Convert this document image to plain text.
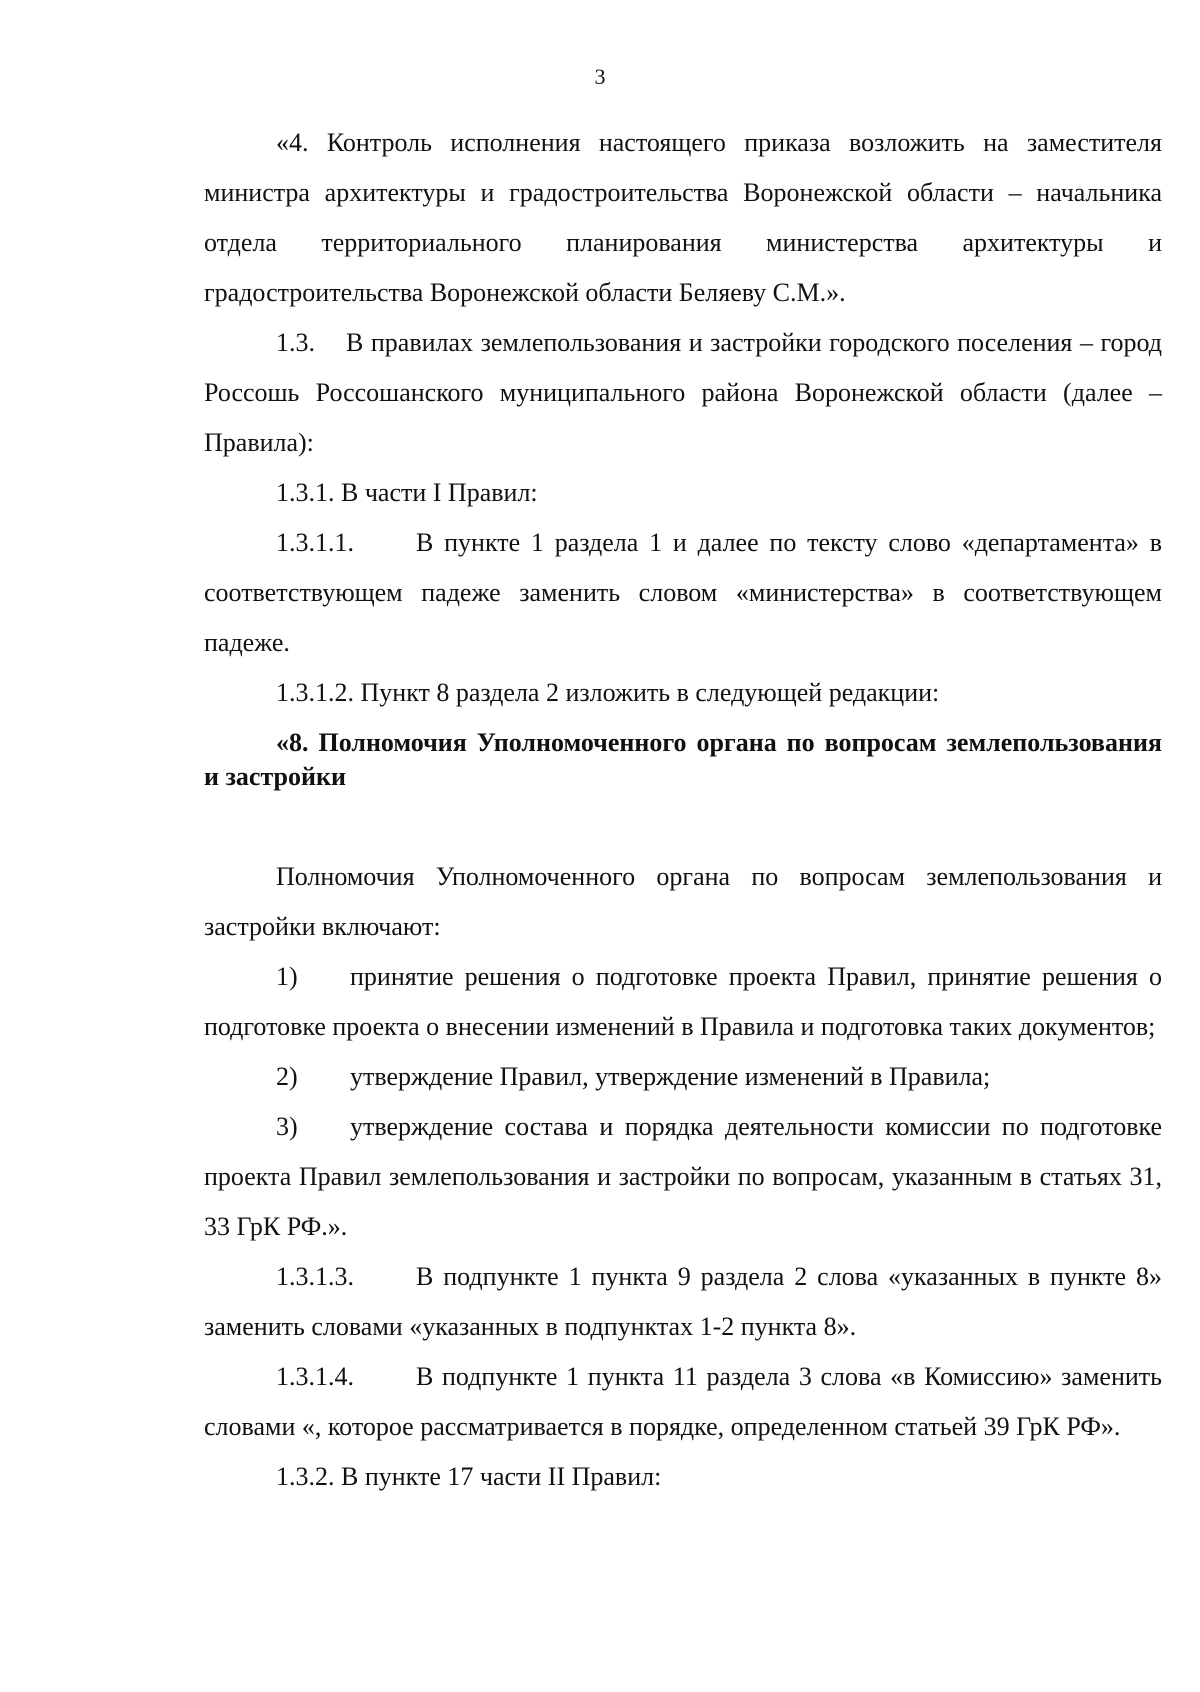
3

«4. Контроль исполнения настоящего приказа возложить на заместителя министра архитектуры и градостроительства Воронежской области – начальника отдела территориального планирования министерства архитектуры и градостроительства Воронежской области Беляеву С.М.».

1.3. В правилах землепользования и застройки городского поселения – город Россошь Россошанского муниципального района Воронежской области (далее – Правила):

1.3.1. В части I Правил:

1.3.1.1. В пункте 1 раздела 1 и далее по тексту слово «департамента» в соответствующем падеже заменить словом «министерства» в соответствующем падеже.

1.3.1.2. Пункт 8 раздела 2 изложить в следующей редакции:

«8. Полномочия Уполномоченного органа по вопросам землепользования и застройки

Полномочия Уполномоченного органа по вопросам землепользования и застройки включают:

1) принятие решения о подготовке проекта Правил, принятие решения о подготовке проекта о внесении изменений в Правила и подготовка таких документов;

2) утверждение Правил, утверждение изменений в Правила;

3) утверждение состава и порядка деятельности комиссии по подготовке проекта Правил землепользования и застройки по вопросам, указанным в статьях 31, 33 ГрК РФ.».

1.3.1.3. В подпункте 1 пункта 9 раздела 2 слова «указанных в пункте 8» заменить словами «указанных в подпунктах 1-2 пункта 8».

1.3.1.4. В подпункте 1 пункта 11 раздела 3 слова «в Комиссию» заменить словами «, которое рассматривается в порядке, определенном статьей 39 ГрК РФ».

1.3.2. В пункте 17 части II Правил:
